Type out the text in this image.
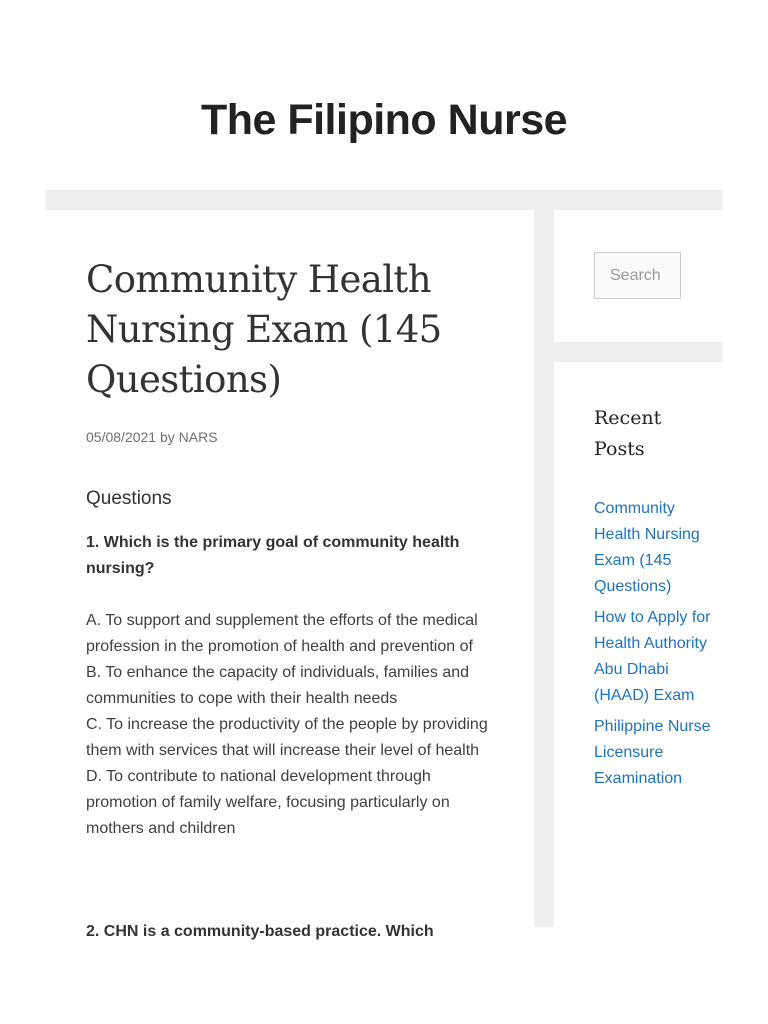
The Filipino Nurse
Community Health Nursing Exam (145 Questions)
05/08/2021 by NARS
Questions
1. Which is the primary goal of community health nursing?
A. To support and supplement the efforts of the medical profession in the promotion of health and prevention of
B. To enhance the capacity of individuals, families and communities to cope with their health needs
C. To increase the productivity of the people by providing them with services that will increase their level of health
D. To contribute to national development through promotion of family welfare, focusing particularly on mothers and children
2. CHN is a community-based practice. Which
Search
Recent Posts
Community Health Nursing Exam (145 Questions)
How to Apply for Health Authority Abu Dhabi (HAAD) Exam
Philippine Nurse Licensure Examination
